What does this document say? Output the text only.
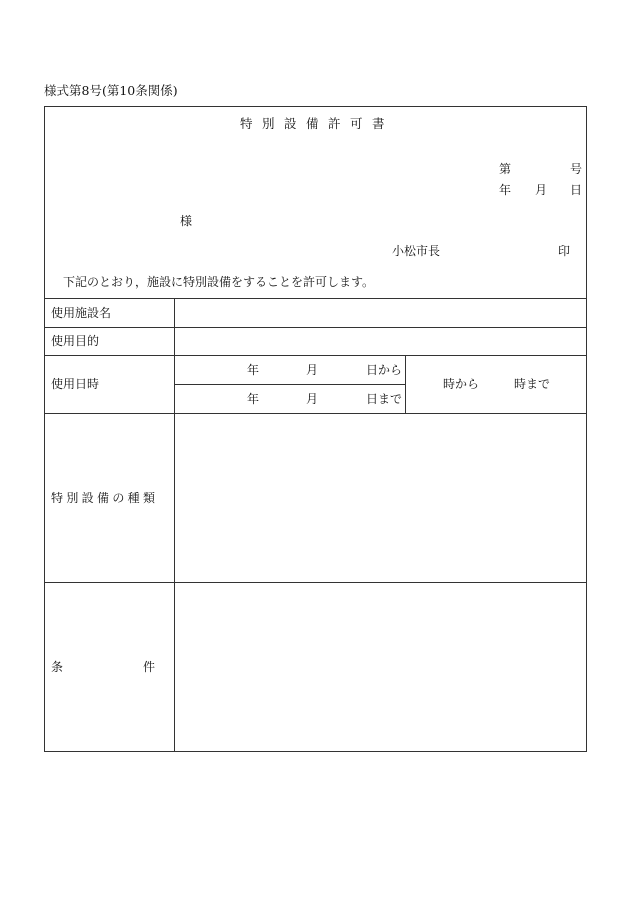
様式第8号(第10条関係)
特別設備許可書
第	号
年 月 日
様
小松市長	印
下記のとおり，施設に特別設備をすることを許可します。
使用施設名
使用目的
使用日時
年	月	日から
年	月	日まで
時から	時まで
特 別 設 備 の 種 類
条	件
